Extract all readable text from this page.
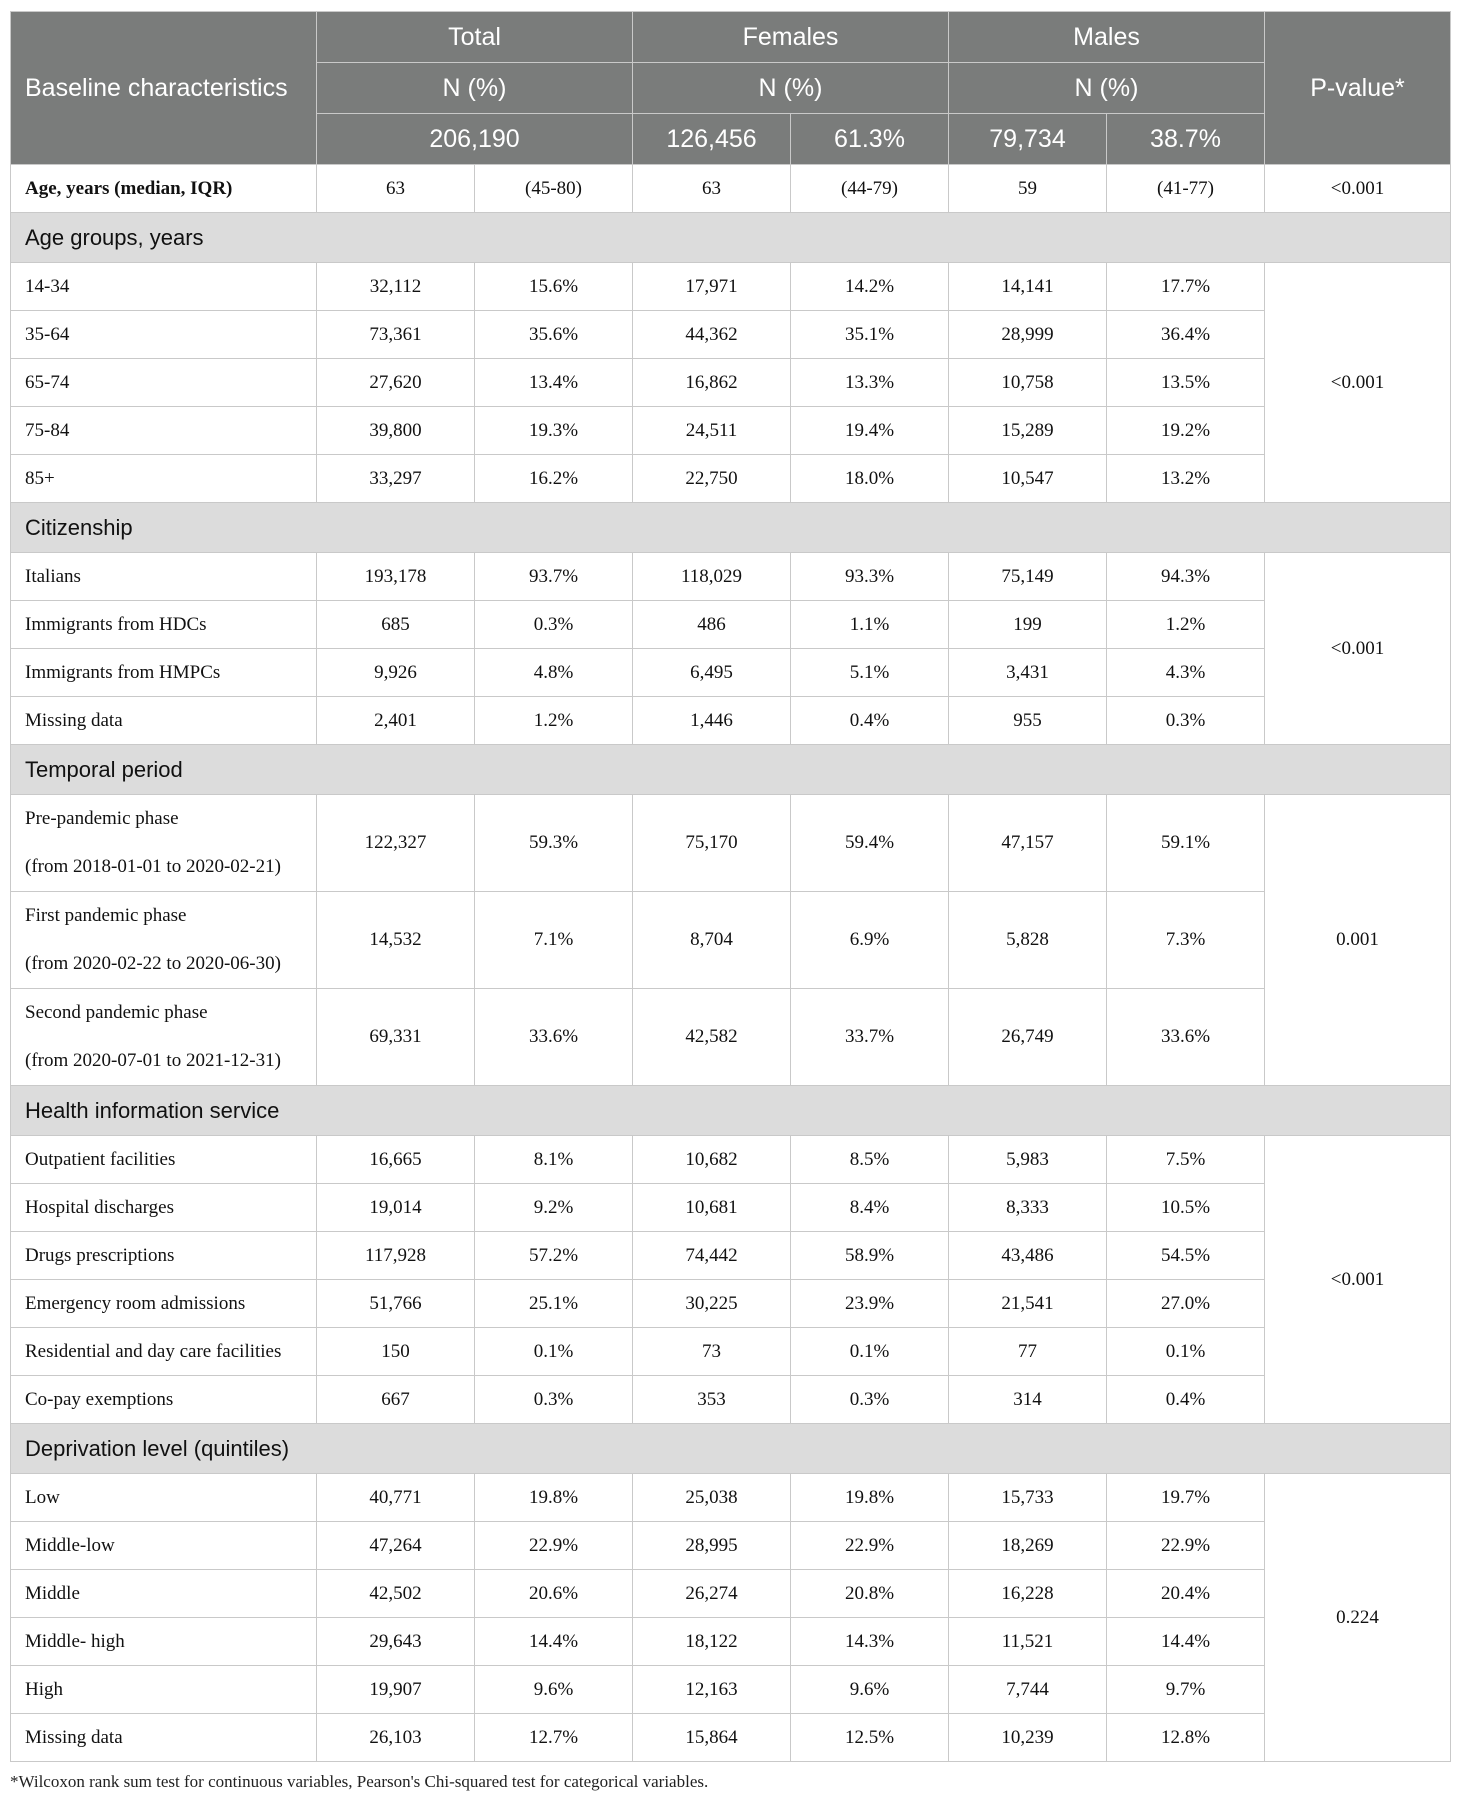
Baseline characteristics	Total		Females		Males		P-value*
	N (%)		N (%)		N (%)		
	206,190		126,456	61.3%	79,734	38.7%	
Age, years (median, IQR)	63	(45-80)	63	(44-79)	59	(41-77)	<0.001
Age groups, years							

14-34	32,112	15.6%	17,971	14.2%	14,141	17.7%	<0.001

35-64	73,361	35.6%	44,362	35.1%	28,999	36.4%	

65-74	27,620	13.4%	16,862	13.3%	10,758	13.5%	

75-84	39,800	19.3%	24,511	19.4%	15,289	19.2%	

85+	33,297	16.2%	22,750	18.0%	10,547	13.2%	
Citizenship							

Italians	193,178	93.7%	118,029	93.3%	75,149	94.3%	<0.001

Immigrants from HDCs	685	0.3%	486	1.1%	199	1.2%	

Immigrants from HMPCs	9,926	4.8%	6,495	5.1%	3,431	4.3%	

Missing data	2,401	1.2%	1,446	0.4%	955	0.3%	
Temporal period							

Pre-pandemic phase
(from 2018-01-01 to 2020-02-21)	122,327	59.3%	75,170	59.4%	47,157	59.1%	0.001

First pandemic phase
(from 2020-02-22 to 2020-06-30)	14,532	7.1%	8,704	6.9%	5,828	7.3%	

Second pandemic phase
(from 2020-07-01 to 2021-12-31)	69,331	33.6%	42,582	33.7%	26,749	33.6%	
Health information service							

Outpatient facilities	16,665	8.1%	10,682	8.5%	5,983	7.5%	<0.001

Hospital discharges	19,014	9.2%	10,681	8.4%	8,333	10.5%	

Drugs prescriptions	117,928	57.2%	74,442	58.9%	43,486	54.5%	

Emergency room admissions	51,766	25.1%	30,225	23.9%	21,541	27.0%	

Residential and day care facilities	150	0.1%	73	0.1%	77	0.1%	

Co-pay exemptions	667	0.3%	353	0.3%	314	0.4%	
Deprivation level (quintiles)							

Low	40,771	19.8%	25,038	19.8%	15,733	19.7%	0.224

Middle-low	47,264	22.9%	28,995	22.9%	18,269	22.9%	

Middle	42,502	20.6%	26,274	20.8%	16,228	20.4%	

Middle- high	29,643	14.4%	18,122	14.3%	11,521	14.4%	

High	19,907	9.6%	12,163	9.6%	7,744	9.7%	

Missing data	26,103	12.7%	15,864	12.5%	10,239	12.8%	
*Wilcoxon rank sum test for continuous variables, Pearson's Chi-squared test for categorical variables.
